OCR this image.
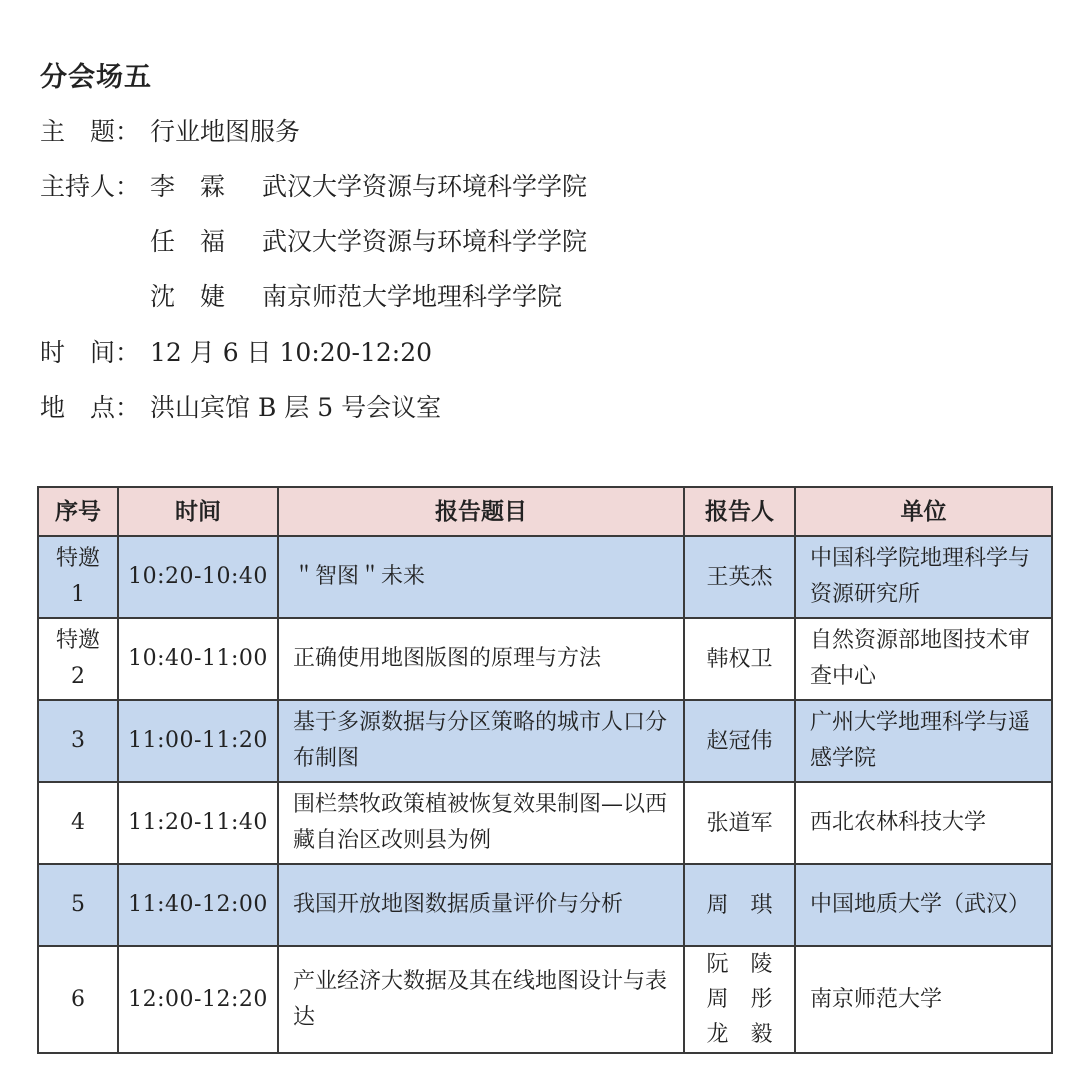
分会场五
主　题： 行业地图服务
主持人： 李　霖 武汉大学资源与环境科学学院
任　福 武汉大学资源与环境科学学院
沈　婕 南京师范大学地理科学学院
时　间： 12 月 6 日 10:20-12:20
地　点： 洪山宾馆 B 层 5 号会议室
序号	时间	报告题目	报告人	单位
特邀
1	10:20-10:40	＂智图＂未来	王英杰	中国科学院地理科学与资源研究所
特邀
2	10:40-11:00	正确使用地图版图的原理与方法	韩权卫	自然资源部地图技术审查中心
3	11:00-11:20	基于多源数据与分区策略的城市人口分布制图	赵冠伟	广州大学地理科学与遥感学院
4	11:20-11:40	围栏禁牧政策植被恢复效果制图—以西藏自治区改则县为例	张道军	西北农林科技大学
5	11:40-12:00	我国开放地图数据质量评价与分析	周　琪	中国地质大学（武汉）
6	12:00-12:20	产业经济大数据及其在线地图设计与表达	阮　陵
周　彤
龙　毅	南京师范大学
